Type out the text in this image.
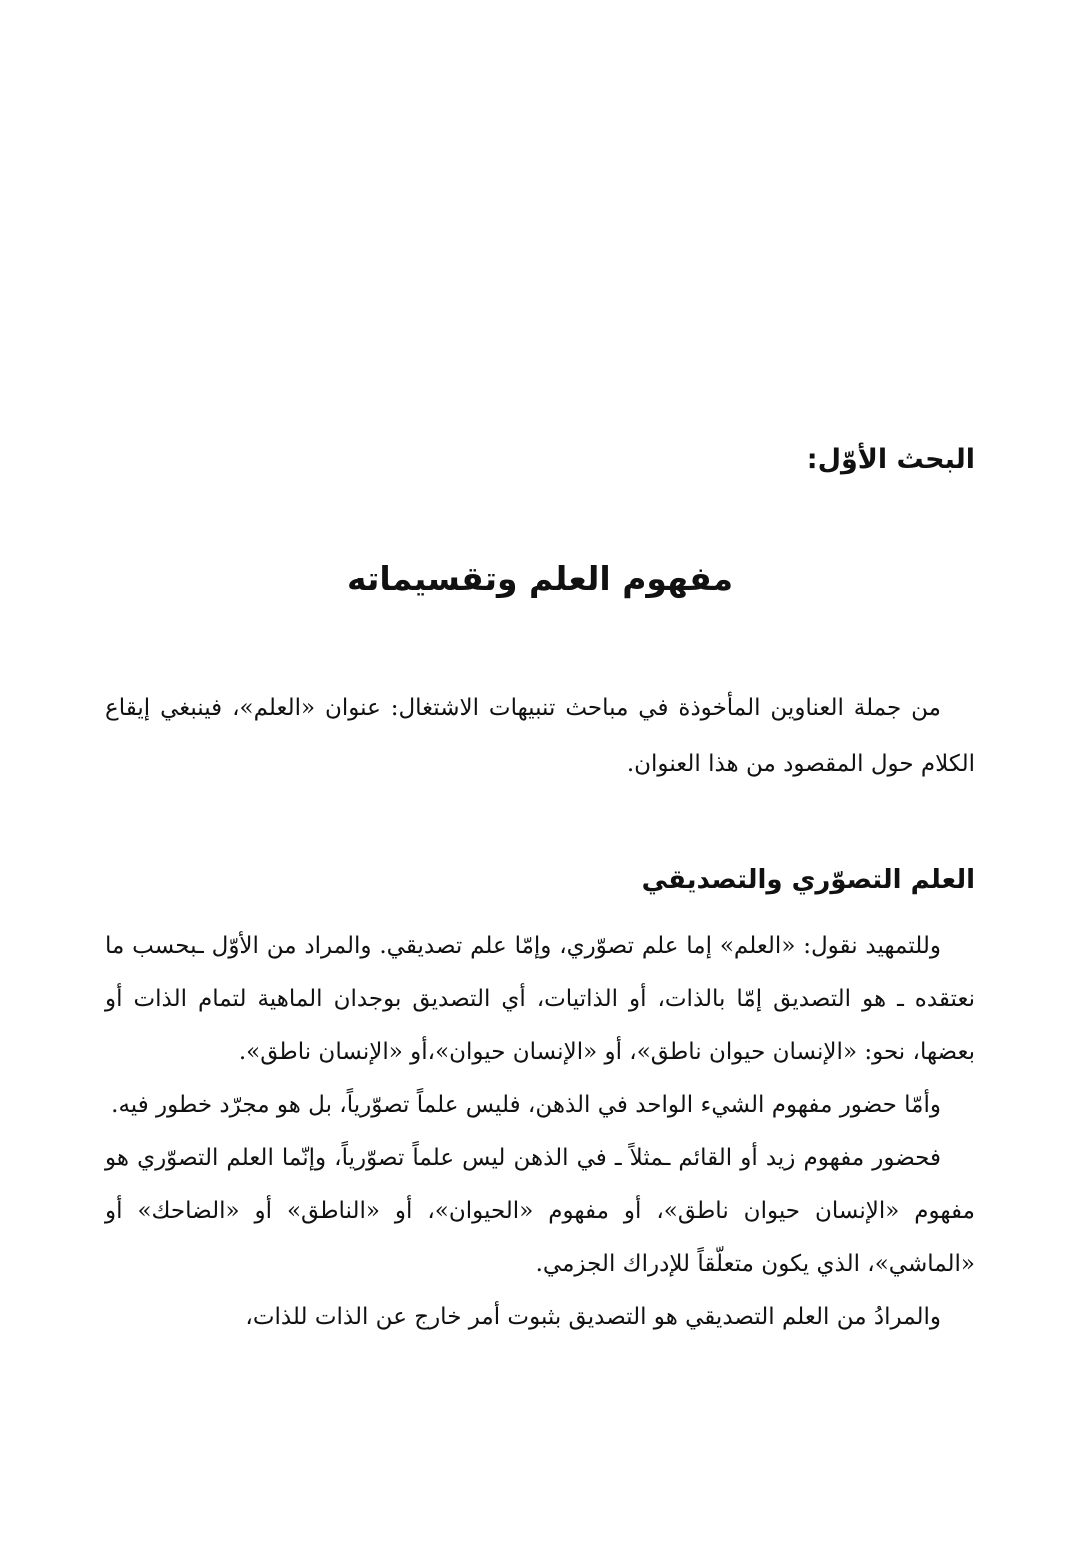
البحث الأوّل:
مفهوم العلم وتقسيماته

من جملة العناوين المأخوذة في مباحث تنبيهات الاشتغال: عنوان «العلم»، فينبغي إيقاع الكلام حول المقصود من هذا العنوان.

العلم التصوّري والتصديقي

وللتمهيد نقول: «العلم» إما علم تصوّري، وإمّا علم تصديقي. والمراد من الأوّل ـبحسب ما نعتقده ـ هو التصديق إمّا بالذات، أو الذاتيات، أي التصديق بوجدان الماهية لتمام الذات أو بعضها، نحو: «الإنسان حيوان ناطق»، أو «الإنسان حيوان»،أو «الإنسان ناطق».

وأمّا حضور مفهوم الشيء الواحد في الذهن، فليس علماً تصوّرياً، بل هو مجرّد خطور فيه.

فحضور مفهوم زيد أو القائم ـمثلاً ـ في الذهن ليس علماً تصوّرياً، وإنّما العلم التصوّري هو مفهوم «الإنسان حيوان ناطق»، أو مفهوم «الحيوان»، أو «الناطق» أو «الضاحك» أو «الماشي»، الذي يكون متعلّقاً للإدراك الجزمي.

والمرادُ من العلم التصديقي هو التصديق بثبوت أمر خارج عن الذات للذات،
